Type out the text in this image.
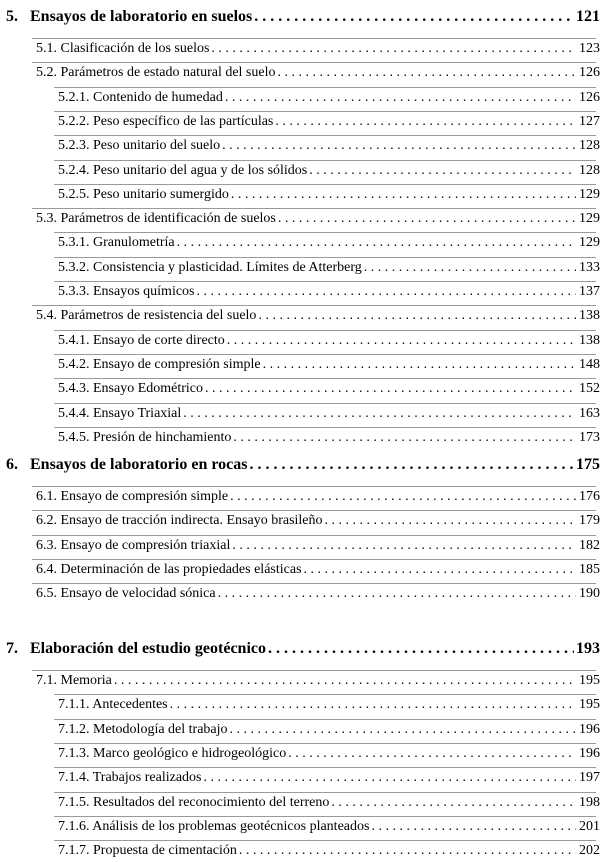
5. Ensayos de laboratorio en suelos . . .	121
5.1. Clasificación de los suelos . . .	123
5.2. Parámetros de estado natural del suelo . . .	126
5.2.1. Contenido de humedad . . .	126
5.2.2. Peso específico de las partículas . . .	127
5.2.3. Peso unitario del suelo . . .	128
5.2.4. Peso unitario del agua y de los sólidos . . .	128
5.2.5. Peso unitario sumergido . . .	129
5.3. Parámetros de identificación de suelos . . .	129
5.3.1. Granulometría . . .	129
5.3.2. Consistencia y plasticidad. Límites de Atterberg . . .	133
5.3.3. Ensayos químicos . . .	137
5.4. Parámetros de resistencia del suelo . . .	138
5.4.1. Ensayo de corte directo . . .	138
5.4.2. Ensayo de compresión simple . . .	148
5.4.3. Ensayo Edométrico . . .	152
5.4.4. Ensayo Triaxial . . .	163
5.4.5. Presión de hinchamiento . . .	173
6. Ensayos de laboratorio en rocas . . .	175
6.1. Ensayo de compresión simple . . .	176
6.2. Ensayo de tracción indirecta. Ensayo brasileño . . .	179
6.3. Ensayo de compresión triaxial . . .	182
6.4. Determinación de las propiedades elásticas . . .	185
6.5. Ensayo de velocidad sónica . . .	190
7. Elaboración del estudio geotécnico . . .	193
7.1. Memoria . . .	195
7.1.1. Antecedentes . . .	195
7.1.2. Metodología del trabajo . . .	196
7.1.3. Marco geológico e hidrogeológico . . .	196
7.1.4. Trabajos realizados . . .	197
7.1.5. Resultados del reconocimiento del terreno . . .	198
7.1.6. Análisis de los problemas geotécnicos planteados . . .	201
7.1.7. Propuesta de cimentación . . .	202
